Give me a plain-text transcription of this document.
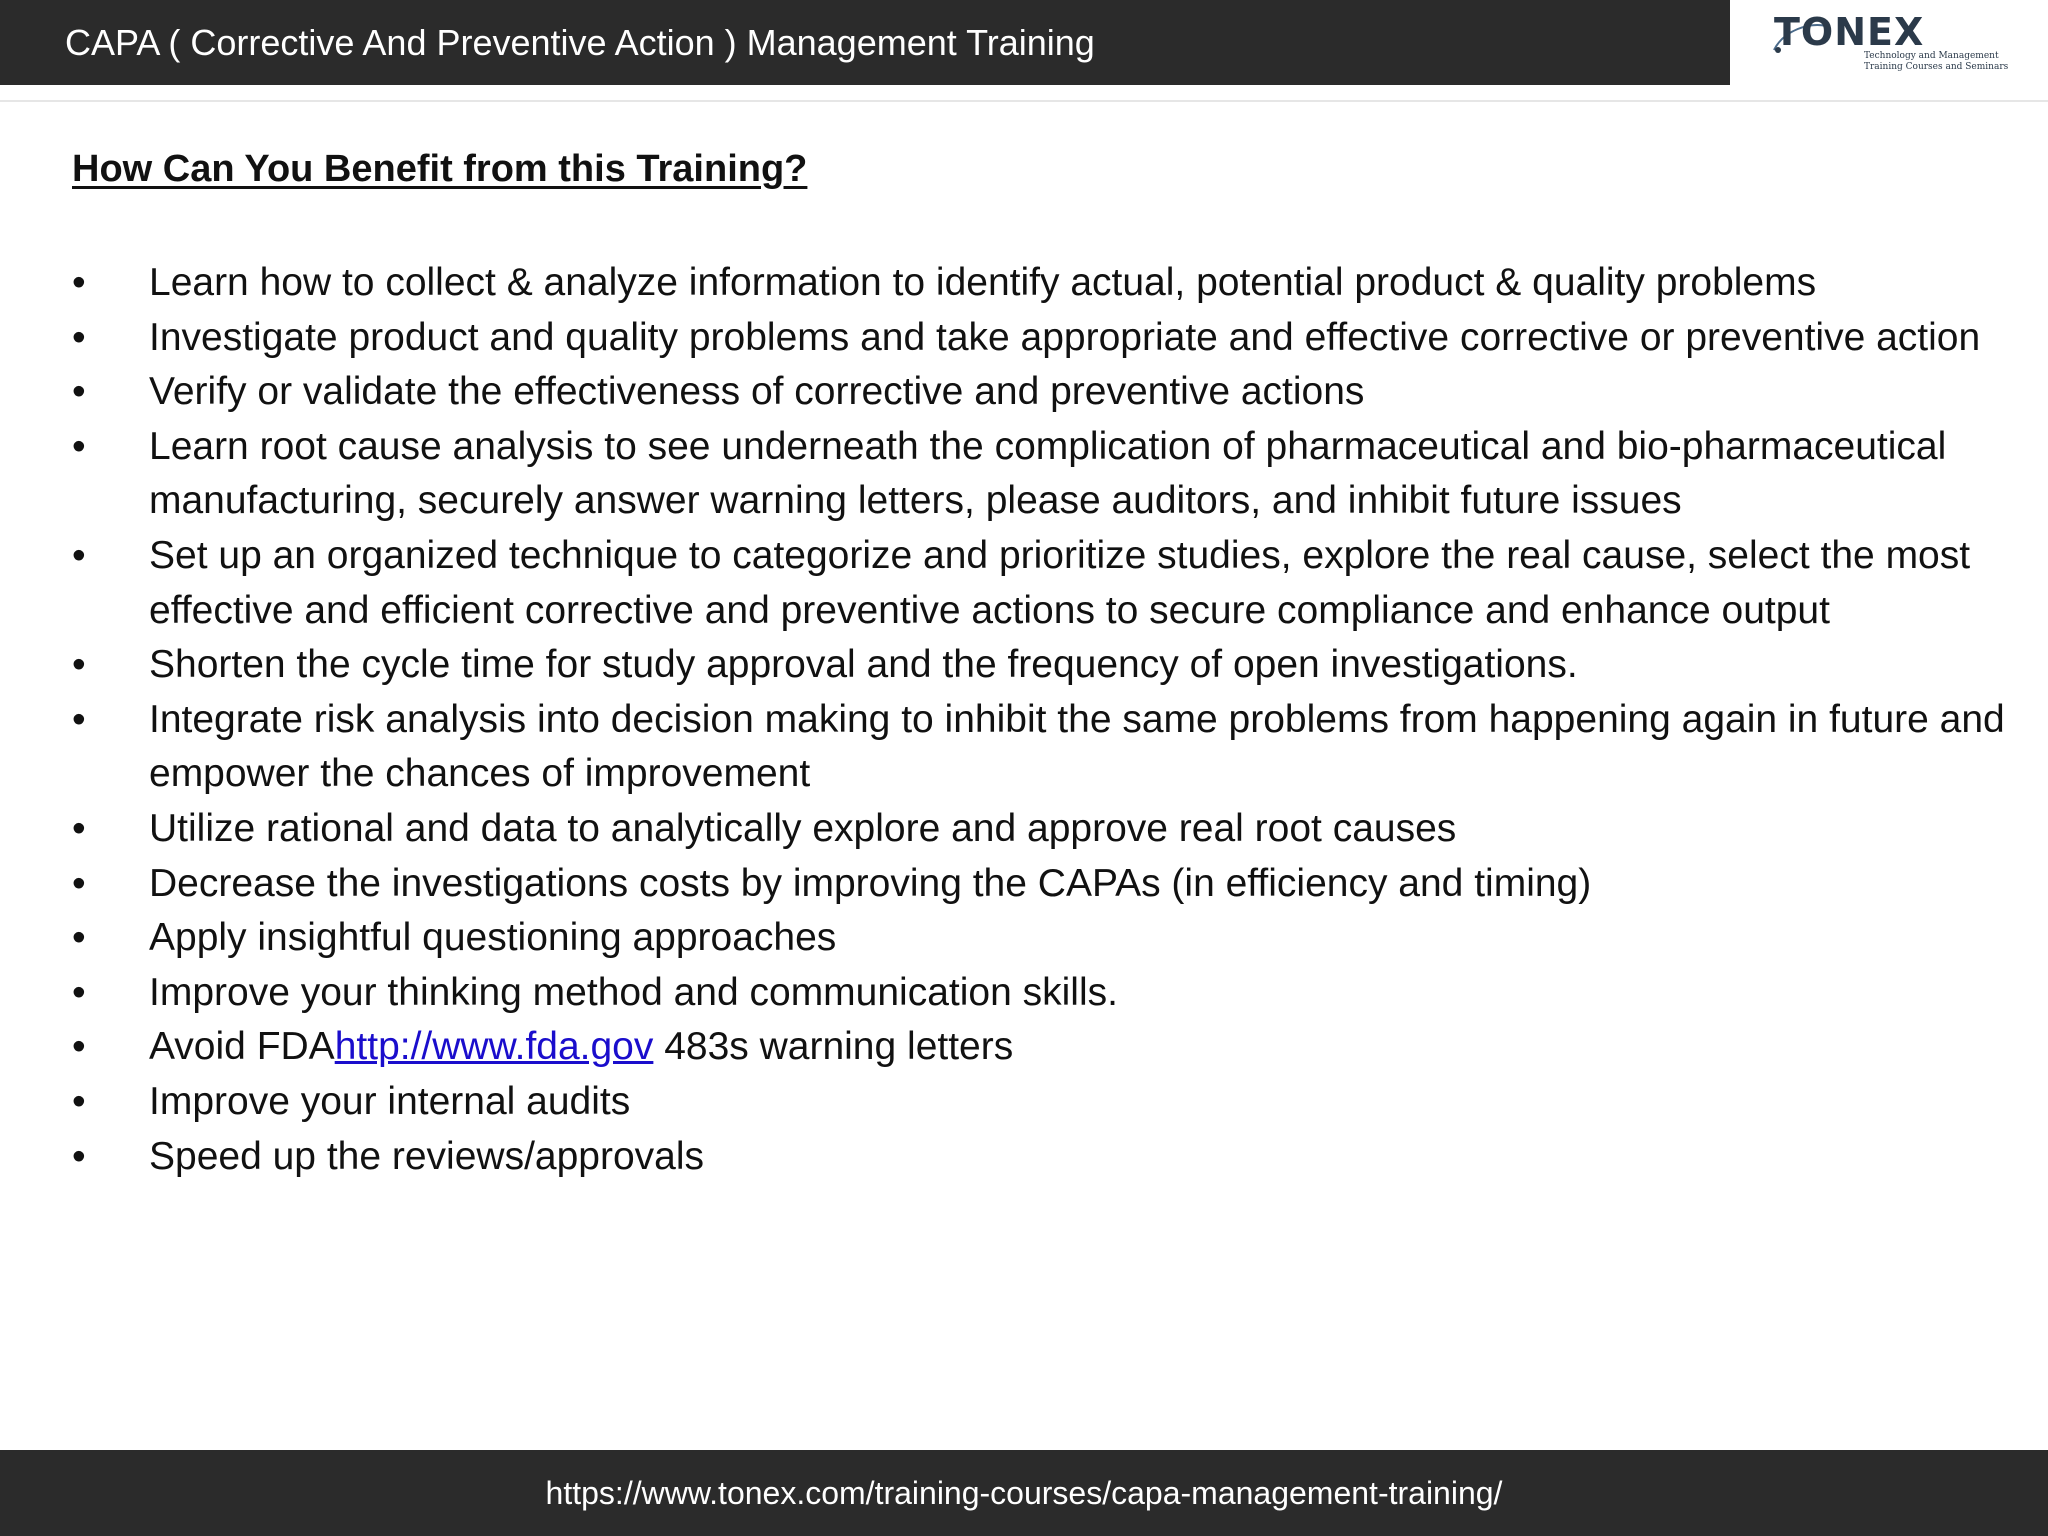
CAPA ( Corrective And Preventive Action ) Management Training	TONEX
Technology and Management
Training Courses and Seminars
How Can You Benefit from this Training?
• Learn how to collect & analyze information to identify actual, potential product & quality problems
• Investigate product and quality problems and take appropriate and effective corrective or preventive action
• Verify or validate the effectiveness of corrective and preventive actions
• Learn root cause analysis to see underneath the complication of pharmaceutical and bio-pharmaceutical manufacturing, securely answer warning letters, please auditors, and inhibit future issues
• Set up an organized technique to categorize and prioritize studies, explore the real cause, select the most effective and efficient corrective and preventive actions to secure compliance and enhance output
• Shorten the cycle time for study approval and the frequency of open investigations.
• Integrate risk analysis into decision making to inhibit the same problems from happening again in future and empower the chances of improvement
• Utilize rational and data to analytically explore and approve real root causes
• Decrease the investigations costs by improving the CAPAs (in efficiency and timing)
• Apply insightful questioning approaches
• Improve your thinking method and communication skills.
• Avoid FDAhttp://www.fda.gov 483s warning letters
• Improve your internal audits
• Speed up the reviews/approvals
https://www.tonex.com/training-courses/capa-management-training/
